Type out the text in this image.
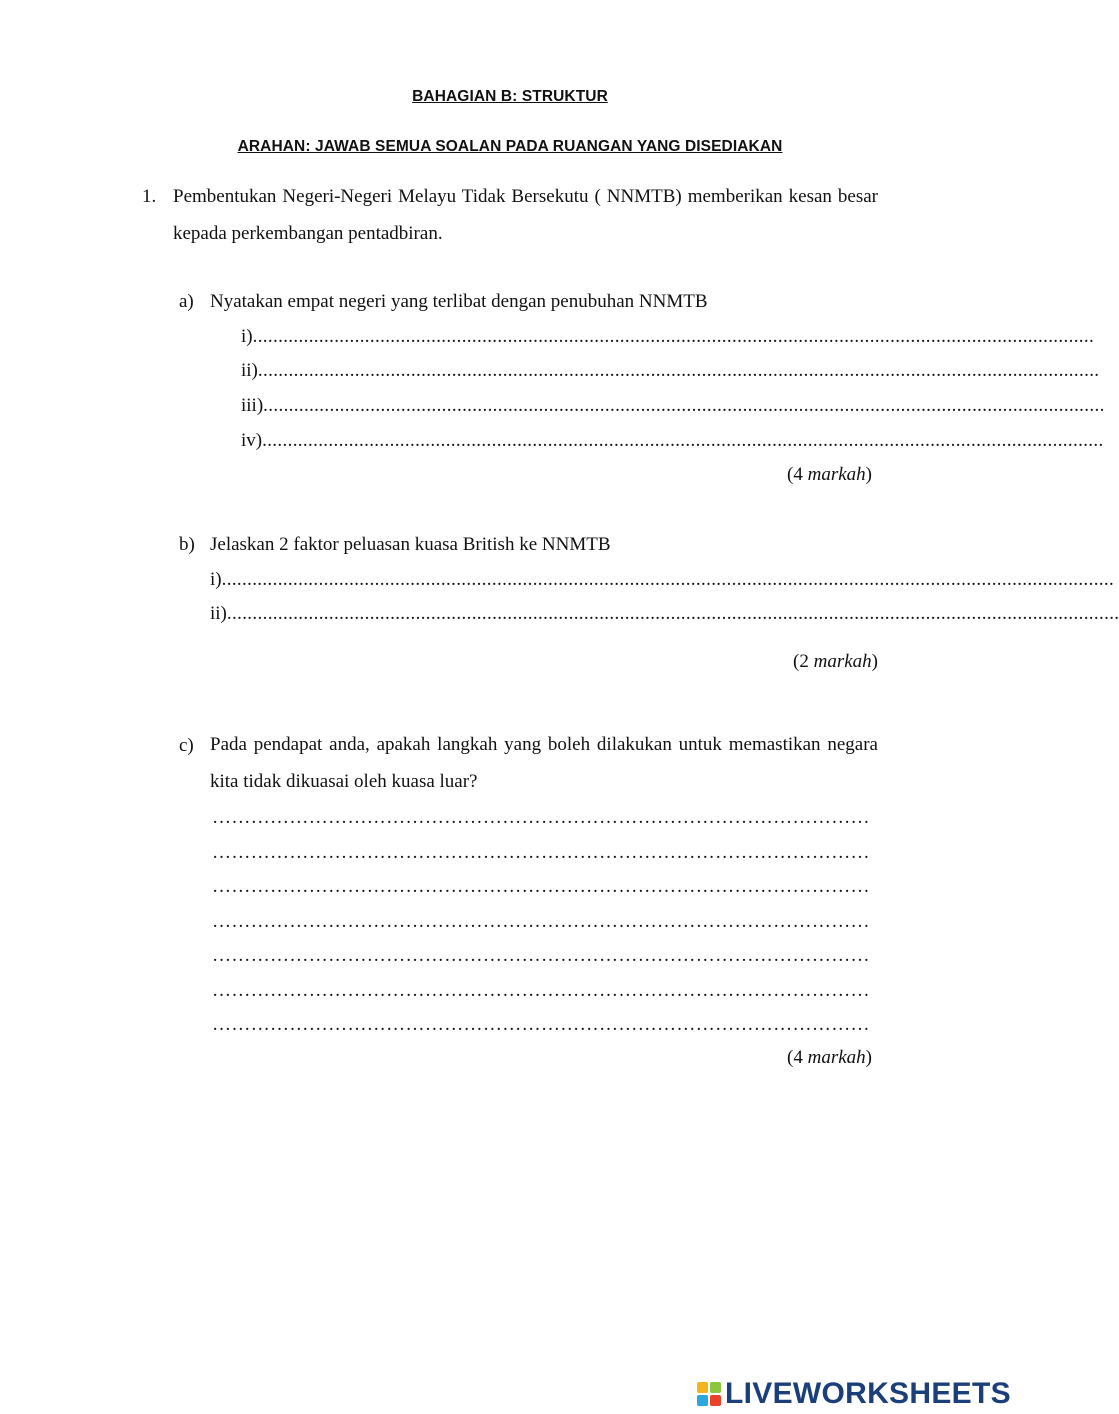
BAHAGIAN B: STRUKTUR
ARAHAN: JAWAB SEMUA SOALAN PADA RUANGAN YANG DISEDIAKAN
1. Pembentukan Negeri-Negeri Melayu Tidak Bersekutu ( NNMTB) memberikan kesan besar kepada perkembangan pentadbiran.
a) Nyatakan empat negeri yang terlibat dengan penubuhan NNMTB
i).....................................................................................................................................................................
ii).....................................................................................................................................................................
iii).....................................................................................................................................................................
iv).....................................................................................................................................................................
(4 markah)
b) Jelaskan 2 faktor peluasan kuasa British ke NNMTB
i)...............................................................................................................................................................................
ii)...............................................................................................................................................................................
(2 markah)
c) Pada pendapat anda, apakah langkah yang boleh dilakukan untuk memastikan negara kita tidak dikuasai oleh kuasa luar?
…………………………………………………………………………………………
…………………………………………………………………………………………
…………………………………………………………………………………………
…………………………………………………………………………………………
…………………………………………………………………………………………
…………………………………………………………………………………………
…………………………………………………………………………………………
(4 markah)
LIVEWORKSHEETS
